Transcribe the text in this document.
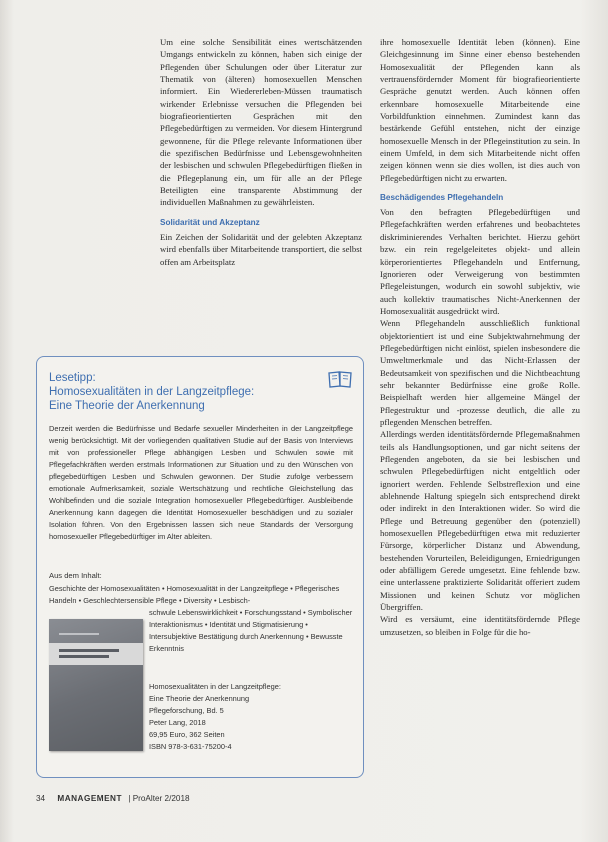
Um eine solche Sensibilität eines wertschätzenden Umgangs entwickeln zu können, haben sich einige der Pflegenden über Schulungen oder über Literatur zur Thematik von (älteren) homosexuellen Menschen informiert. Ein Wiedererleben-Müssen traumatisch wirkender Erlebnisse versuchen die Pflegenden bei biografieorientierten Gesprächen mit den Pflegebedürftigen zu vermeiden. Vor diesem Hintergrund gewonnene, für die Pflege relevante Informationen über die spezifischen Bedürfnisse und Lebensgewohnheiten der lesbischen und schwulen Pflegebedürftigen fließen in die Pflegeplanung ein, um für alle an der Pflege Beteiligten eine transparente Abstimmung der individuellen Maßnahmen zu gewährleisten.

Solidarität und Akzeptanz

Ein Zeichen der Solidarität und der gelebten Akzeptanz wird ebenfalls über Mitarbeitende transportiert, die selbst offen am Arbeitsplatz

ihre homosexuelle Identität leben (können). Eine Gleichgesinnung im Sinne einer ebenso bestehenden Homosexualität der Pflegenden kann als vertrauensfördernder Moment für biografieorientierte Gespräche genutzt werden. Auch können offen erkennbare homosexuelle Mitarbeitende eine Vorbildfunktion einnehmen. Zumindest kann das bestärkende Gefühl entstehen, nicht der einzige homosexuelle Mensch in der Pflegeinstitution zu sein. In einem Umfeld, in dem sich Mitarbeitende nicht offen zeigen können wenn sie dies wollen, ist dies auch von Pflegebedürftigen nicht zu erwarten.

Beschädigendes Pflegehandeln

Von den befragten Pflegebedürftigen und Pflegefachkräften werden erfahrenes und beobachtetes diskriminierendes Verhalten berichtet. Hierzu gehört bzw. ein rein regelgeleitetes objekt- und allein körperorientiertes Pflegehandeln und Entfernung, Ignorieren oder Verweigerung von bestimmten Pflegeleistungen, wodurch ein sowohl subjektiv, wie auch kollektiv traumatisches Nicht-Anerkennen der Homosexualität ausgedrückt wird.

Wenn Pflegehandeln ausschließlich funktional objektorientiert ist und eine Subjektwahrnehmung der Pflegebedürftigen nicht einlöst, spielen insbesondere die Umweltmerkmale und das Nicht-Erlassen der Bedeutsamkeit von spezifischen und die Nichtbeachtung sehr bekannter Bedürfnisse eine große Rolle. Beispielhaft werden hier allgemeine Mängel der Pflegestruktur und -prozesse deutlich, die alle zu pflegenden Menschen betreffen.

Allerdings werden identitätsfördernde Pflegemaßnahmen teils als Handlungsoptionen, und gar nicht seitens der Pflegenden angeboten, da sie bei lesbischen und schwulen Pflegebedürftigen nicht entgeltlich oder ignoriert werden. Fehlende Selbstreflexion und eine ablehnende Haltung spiegeln sich entsprechend direkt oder indirekt in den Interaktionen wider. So wird die Pflege und Betreuung gegenüber den (potenziell) homosexuellen Pflegebedürftigen etwa mit reduzierter Fürsorge, körperlicher Distanz und Abwendung, bestehenden Vorurteilen, Beleidigungen, Erniedrigungen oder abfälligem Gerede umgesetzt. Eine fehlende bzw. eine unterlassene praktizierte Solidarität offeriert zudem Missionen und keinen Schutz vor möglichen Übergriffen.

Wird es versäumt, eine identitätsfördernde Pflege umzusetzen, so bleiben in Folge für die ho-

Lesetipp:
Homosexualitäten in der Langzeitpflege:
Eine Theorie der Anerkennung

Derzeit werden die Bedürfnisse und Bedarfe sexueller Minderheiten in der Langzeitpflege wenig berücksichtigt. Mit der vorliegenden qualitativen Studie auf der Basis von Interviews mit von professioneller Pflege abhängigen Lesben und Schwulen sowie mit Pflegefachkräften werden erstmals Informationen zur Situation und zu den Wünschen von pflegebedürftigen Lesben und Schwulen gewonnen. Der Studie zufolge verbessern emotionale Aufmerksamkeit, soziale Wertschätzung und rechtliche Gleichstellung das Wohlbefinden und die soziale Integration homosexueller Pflegebedürftiger. Ausbleibende Anerkennung kann dagegen die Identität Homosexueller beschädigen und zu sozialer Isolation führen. Von den Ergebnissen lassen sich neue Standards der Versorgung homosexueller Pflegebedürftiger im Alter ableiten.

Aus dem Inhalt:
Geschichte der Homosexualitäten • Homosexualität in der Langzeitpflege • Pflegerisches Handeln • Geschlechtersensible Pflege • Diversity • Lesbisch-
schwule Lebenswirklichkeit • Forschungsstand • Symbolischer Interaktionismus • Identität und Stigmatisierung • Intersubjektive Bestätigung durch Anerkennung • Bewusste Erkenntnis
Homosexualitäten in der Langzeitpflege:
Eine Theorie der Anerkennung
Pflegeforschung, Bd. 5
Peter Lang, 2018
69,95 Euro, 362 Seiten
ISBN 978-3-631-75200-4
34 MANAGEMENT | ProAlter 2/2018
